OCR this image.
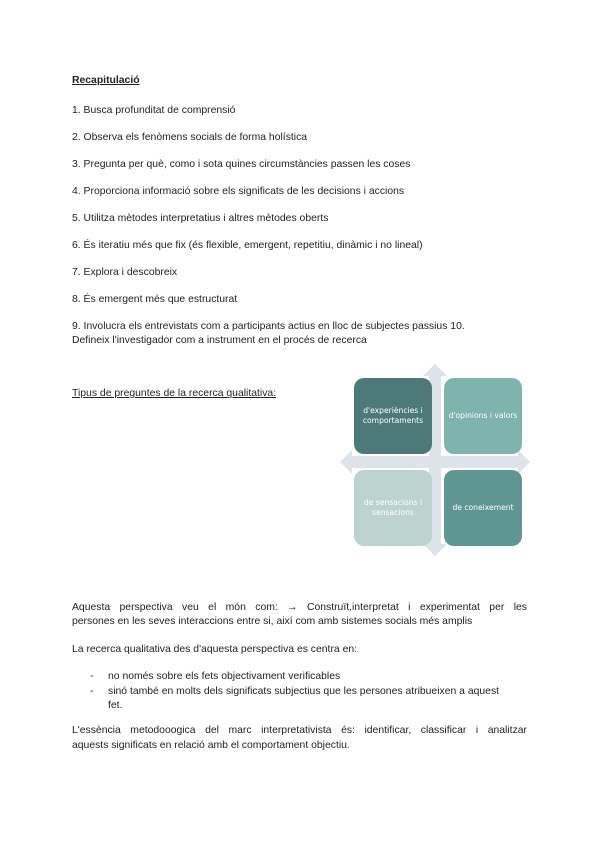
Recapitulació
1. Busca profunditat de comprensió
2. Observa els fenòmens socials de forma holística
3. Pregunta per què, como i sota quines circumstàncies passen les coses
4. Proporciona informació sobre els significats de les decisions i accions
5. Utilitza mètodes interpretatius i altres mètodes oberts
6. És iteratiu més que fix (és flexible, emergent, repetitiu, dinàmic i no lineal)
7. Explora i descobreix
8. És emergent més que estructurat
9. Involucra els entrevistats com a participants actius en lloc de subjectes passius 10.
Defineix l'investigador com a instrument en el procés de recerca
Tipus de preguntes de la recerca qualitativa:
d'experiències i comportaments
d'opinions i valors
de sensacions i sensacions
de coneixement
Aquesta perspectiva veu el món com: → Construït,interpretat i experimentat per les
persones en les seves interaccions entre si, així com amb sistemes socials més amplis
La recerca qualitativa des d'aquesta perspectiva es centra en:
- no només sobre els fets objectivament verificables
- sinó també en molts dels significats subjectius que les persones atribueixen a aquest
fet.
L'essència metodooogica del marc interpretativista és: identificar, classificar i analitzar
aquests significats en relació amb el comportament objectiu.
